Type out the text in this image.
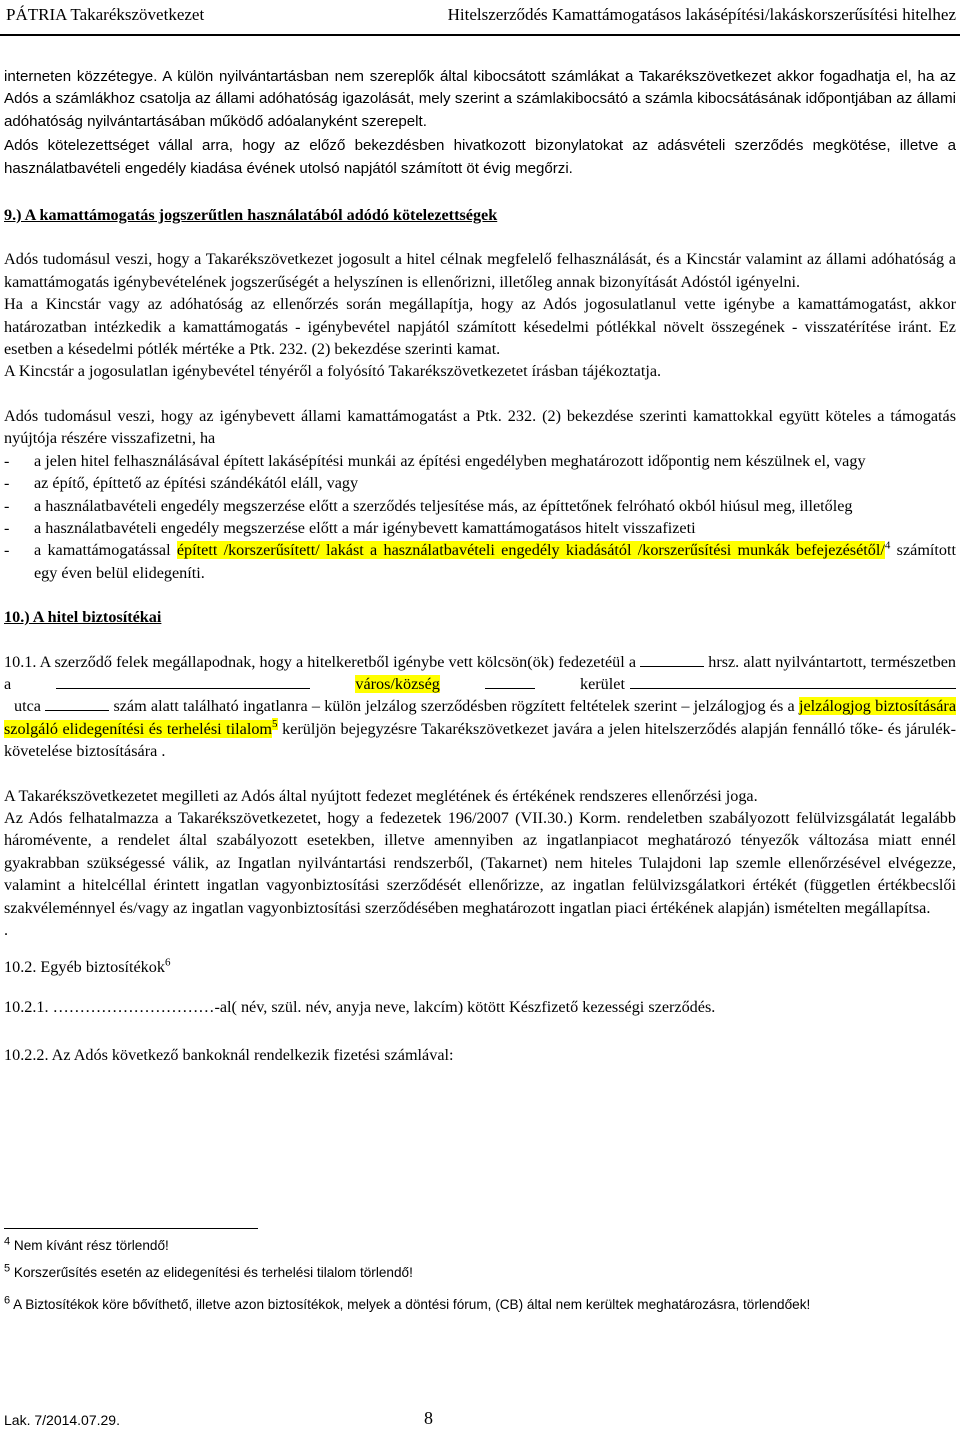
PÁTRIA Takarékszövetkezet	Hitelszerződés Kamattámogatásos lakásépítési/lakáskorszerűsítési hitelhez

interneten közzétegye. A külön nyilvántartásban nem szereplők által kibocsátott számlákat a Takarékszövetkezet akkor fogadhatja el, ha az Adós a számlákhoz csatolja az állami adóhatóság igazolását, mely szerint a számlakibocsátó a számla kibocsátásának időpontjában az állami adóhatóság nyilvántartásában működő adóalanyként szerepelt.

Adós kötelezettséget vállal arra, hogy az előző bekezdésben hivatkozott bizonylatokat az adásvételi szerződés megkötése, illetve a használatbavételi engedély kiadása évének utolsó napjától számított öt évig megőrzi.

9.) A kamattámogatás jogszerűtlen használatából adódó kötelezettségek

Adós tudomásul veszi, hogy a Takarékszövetkezet jogosult a hitel célnak megfelelő felhasználását, és a Kincstár valamint az állami adóhatóság a kamattámogatás igénybevételének jogszerűségét a helyszínen is ellenőrizni, illetőleg annak bizonyítását Adóstól igényelni.

Ha a Kincstár vagy az adóhatóság az ellenőrzés során megállapítja, hogy az Adós jogosulatlanul vette igénybe a kamattámogatást, akkor határozatban intézkedik a kamattámogatás - igénybevétel napjától számított késedelmi pótlékkal növelt összegének - visszatérítése iránt. Ez esetben a késedelmi pótlék mértéke a Ptk. 232. (2) bekezdése szerinti kamat.

A Kincstár a jogosulatlan igénybevétel tényéről a folyósító Takarékszövetkezetet írásban tájékoztatja.

Adós tudomásul veszi, hogy az igénybevett állami kamattámogatást a Ptk. 232. (2) bekezdése szerinti kamattokkal együtt köteles a támogatás nyújtója részére visszafizetni, ha

-	a jelen hitel felhasználásával épített lakásépítési munkái az építési engedélyben meghatározott időpontig nem készülnek el, vagy
-	az építő, építtető az építési szándékától eláll, vagy
-	a használatbavételi engedély megszerzése előtt a szerződés teljesítése más, az építtetőnek felróható okból hiúsul meg, illetőleg
-	a használatbavételi engedély megszerzése előtt a már igénybevett kamattámogatásos hitelt visszafizeti
-	a kamattámogatással épített /korszerűsített/ lakást a használatbavételi engedély kiadásától /korszerűsítési munkák befejezésétől/$^4$ számított egy éven belül elidegeníti.

10.) A hitel biztosítékai

10.1. A szerződő felek megállapodnak, hogy a hitelkeretből igénybe vett kölcsön(ök) fedezetéül a	hrsz. alatt nyilvántartott, természetben a	város/község	kerület  utca	szám alatt található ingatlanra – külön jelzálog szerződésben rögzített feltételek szerint – jelzálogjog és a jelzálogjog biztosítására szolgáló elidegenítési és terhelési tilalom$^5$ kerüljön bejegyzésre Takarékszövetkezet javára a jelen hitelszerződés alapján fennálló tőke- és járulék-követelése biztosítására .

A Takarékszövetkezetet megilleti az Adós által nyújtott fedezet meglétének és értékének rendszeres ellenőrzési joga.

Az Adós felhatalmazza a Takarékszövetkezetet, hogy a fedezetek 196/2007 (VII.30.) Korm. rendeletben szabályozott felülvizsgálatát legalább háromévente, a rendelet által szabályozott esetekben, illetve amennyiben az ingatlanpiacot meghatározó tényezők változása miatt ennél gyakrabban szükségessé válik, az Ingatlan nyilvántartási rendszerből, (Takarnet) nem hiteles Tulajdoni lap szemle ellenőrzésével elvégezze, valamint a hitelcéllal érintett ingatlan vagyonbiztosítási szerződését ellenőrizze, az ingatlan felülvizsgálatkori értékét (független értékbecslői szakvéleménnyel és/vagy az ingatlan vagyonbiztosítási szerződésében meghatározott ingatlan piaci értékének alapján) ismételten megállapítsa.

.

10.2. Egyéb biztosítékok$^6$

10.2.1. …………………………-al( név, szül. név, anyja neve, lakcím) kötött Készfizető kezességi szerződés.

10.2.2. Az Adós következő bankoknál rendelkezik fizetési számlával:

$^4$ Nem kívánt rész törlendő!
$^5$ Korszerűsítés esetén az elidegenítési és terhelési tilalom törlendő!
$^6$ A Biztosítékok köre bővíthető, illetve azon biztosítékok, melyek a döntési fórum, (CB) által nem kerültek meghatározásra, törlendőek!
Lak. 7/2014.07.29.	8
